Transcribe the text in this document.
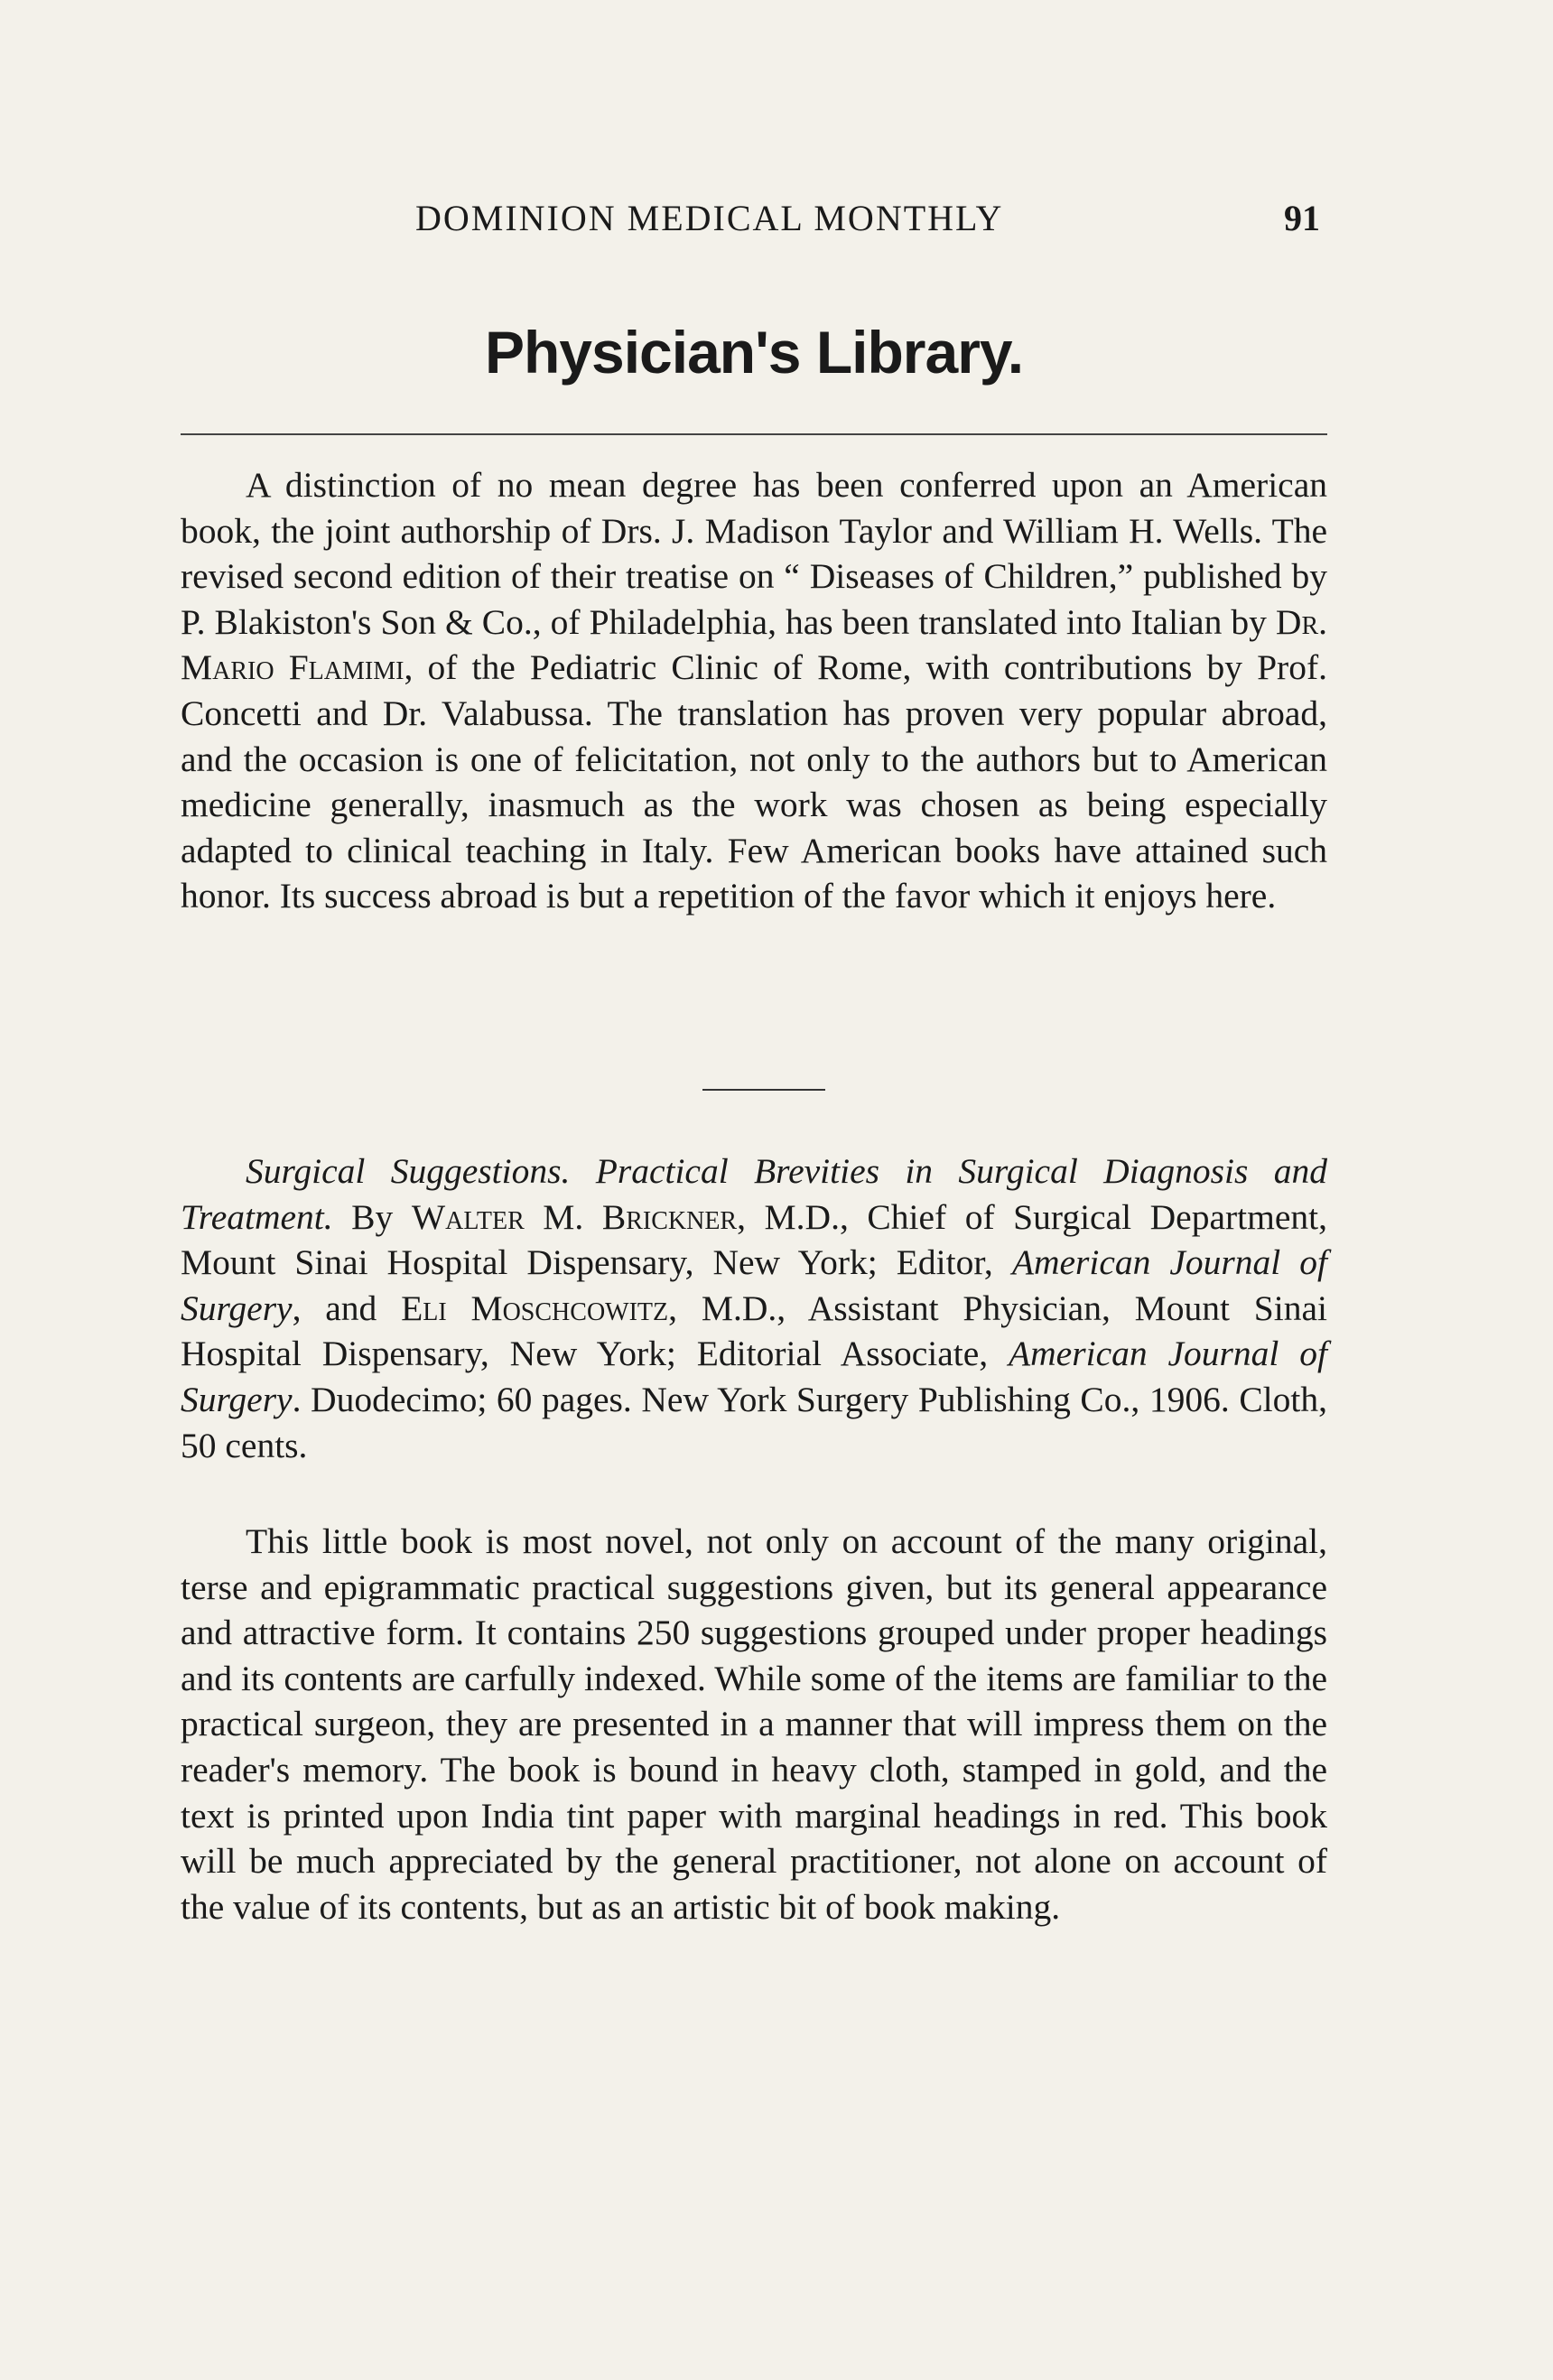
DOMINION MEDICAL MONTHLY	91
Physician's Library.

A distinction of no mean degree has been conferred upon an American book, the joint authorship of Drs. J. Madison Taylor and William H. Wells. The revised second edition of their treatise on “ Diseases of Children,” published by P. Blakiston's Son & Co., of Philadelphia, has been translated into Italian by Dr. Mario Flamimi, of the Pediatric Clinic of Rome, with contributions by Prof. Concetti and Dr. Valabussa. The translation has proven very popular abroad, and the occasion is one of felicitation, not only to the authors but to American medicine generally, inasmuch as the work was chosen as being especially adapted to clinical teaching in Italy. Few American books have attained such honor. Its success abroad is but a repetition of the favor which it enjoys here.

Surgical Suggestions. Practical Brevities in Surgical Diagnosis and Treatment. By Walter M. Brickner, M.D., Chief of Surgical Department, Mount Sinai Hospital Dispensary, New York; Editor, American Journal of Surgery, and Eli Moschcowitz, M.D., Assistant Physician, Mount Sinai Hospital Dispensary, New York; Editorial Associate, American Journal of Surgery. Duodecimo; 60 pages. New York Surgery Publishing Co., 1906. Cloth, 50 cents.

This little book is most novel, not only on account of the many original, terse and epigrammatic practical suggestions given, but its general appearance and attractive form. It contains 250 suggestions grouped under proper headings and its contents are carfully indexed. While some of the items are familiar to the practical surgeon, they are presented in a manner that will impress them on the reader's memory. The book is bound in heavy cloth, stamped in gold, and the text is printed upon India tint paper with marginal headings in red. This book will be much appreciated by the general practitioner, not alone on account of the value of its contents, but as an artistic bit of book making.
